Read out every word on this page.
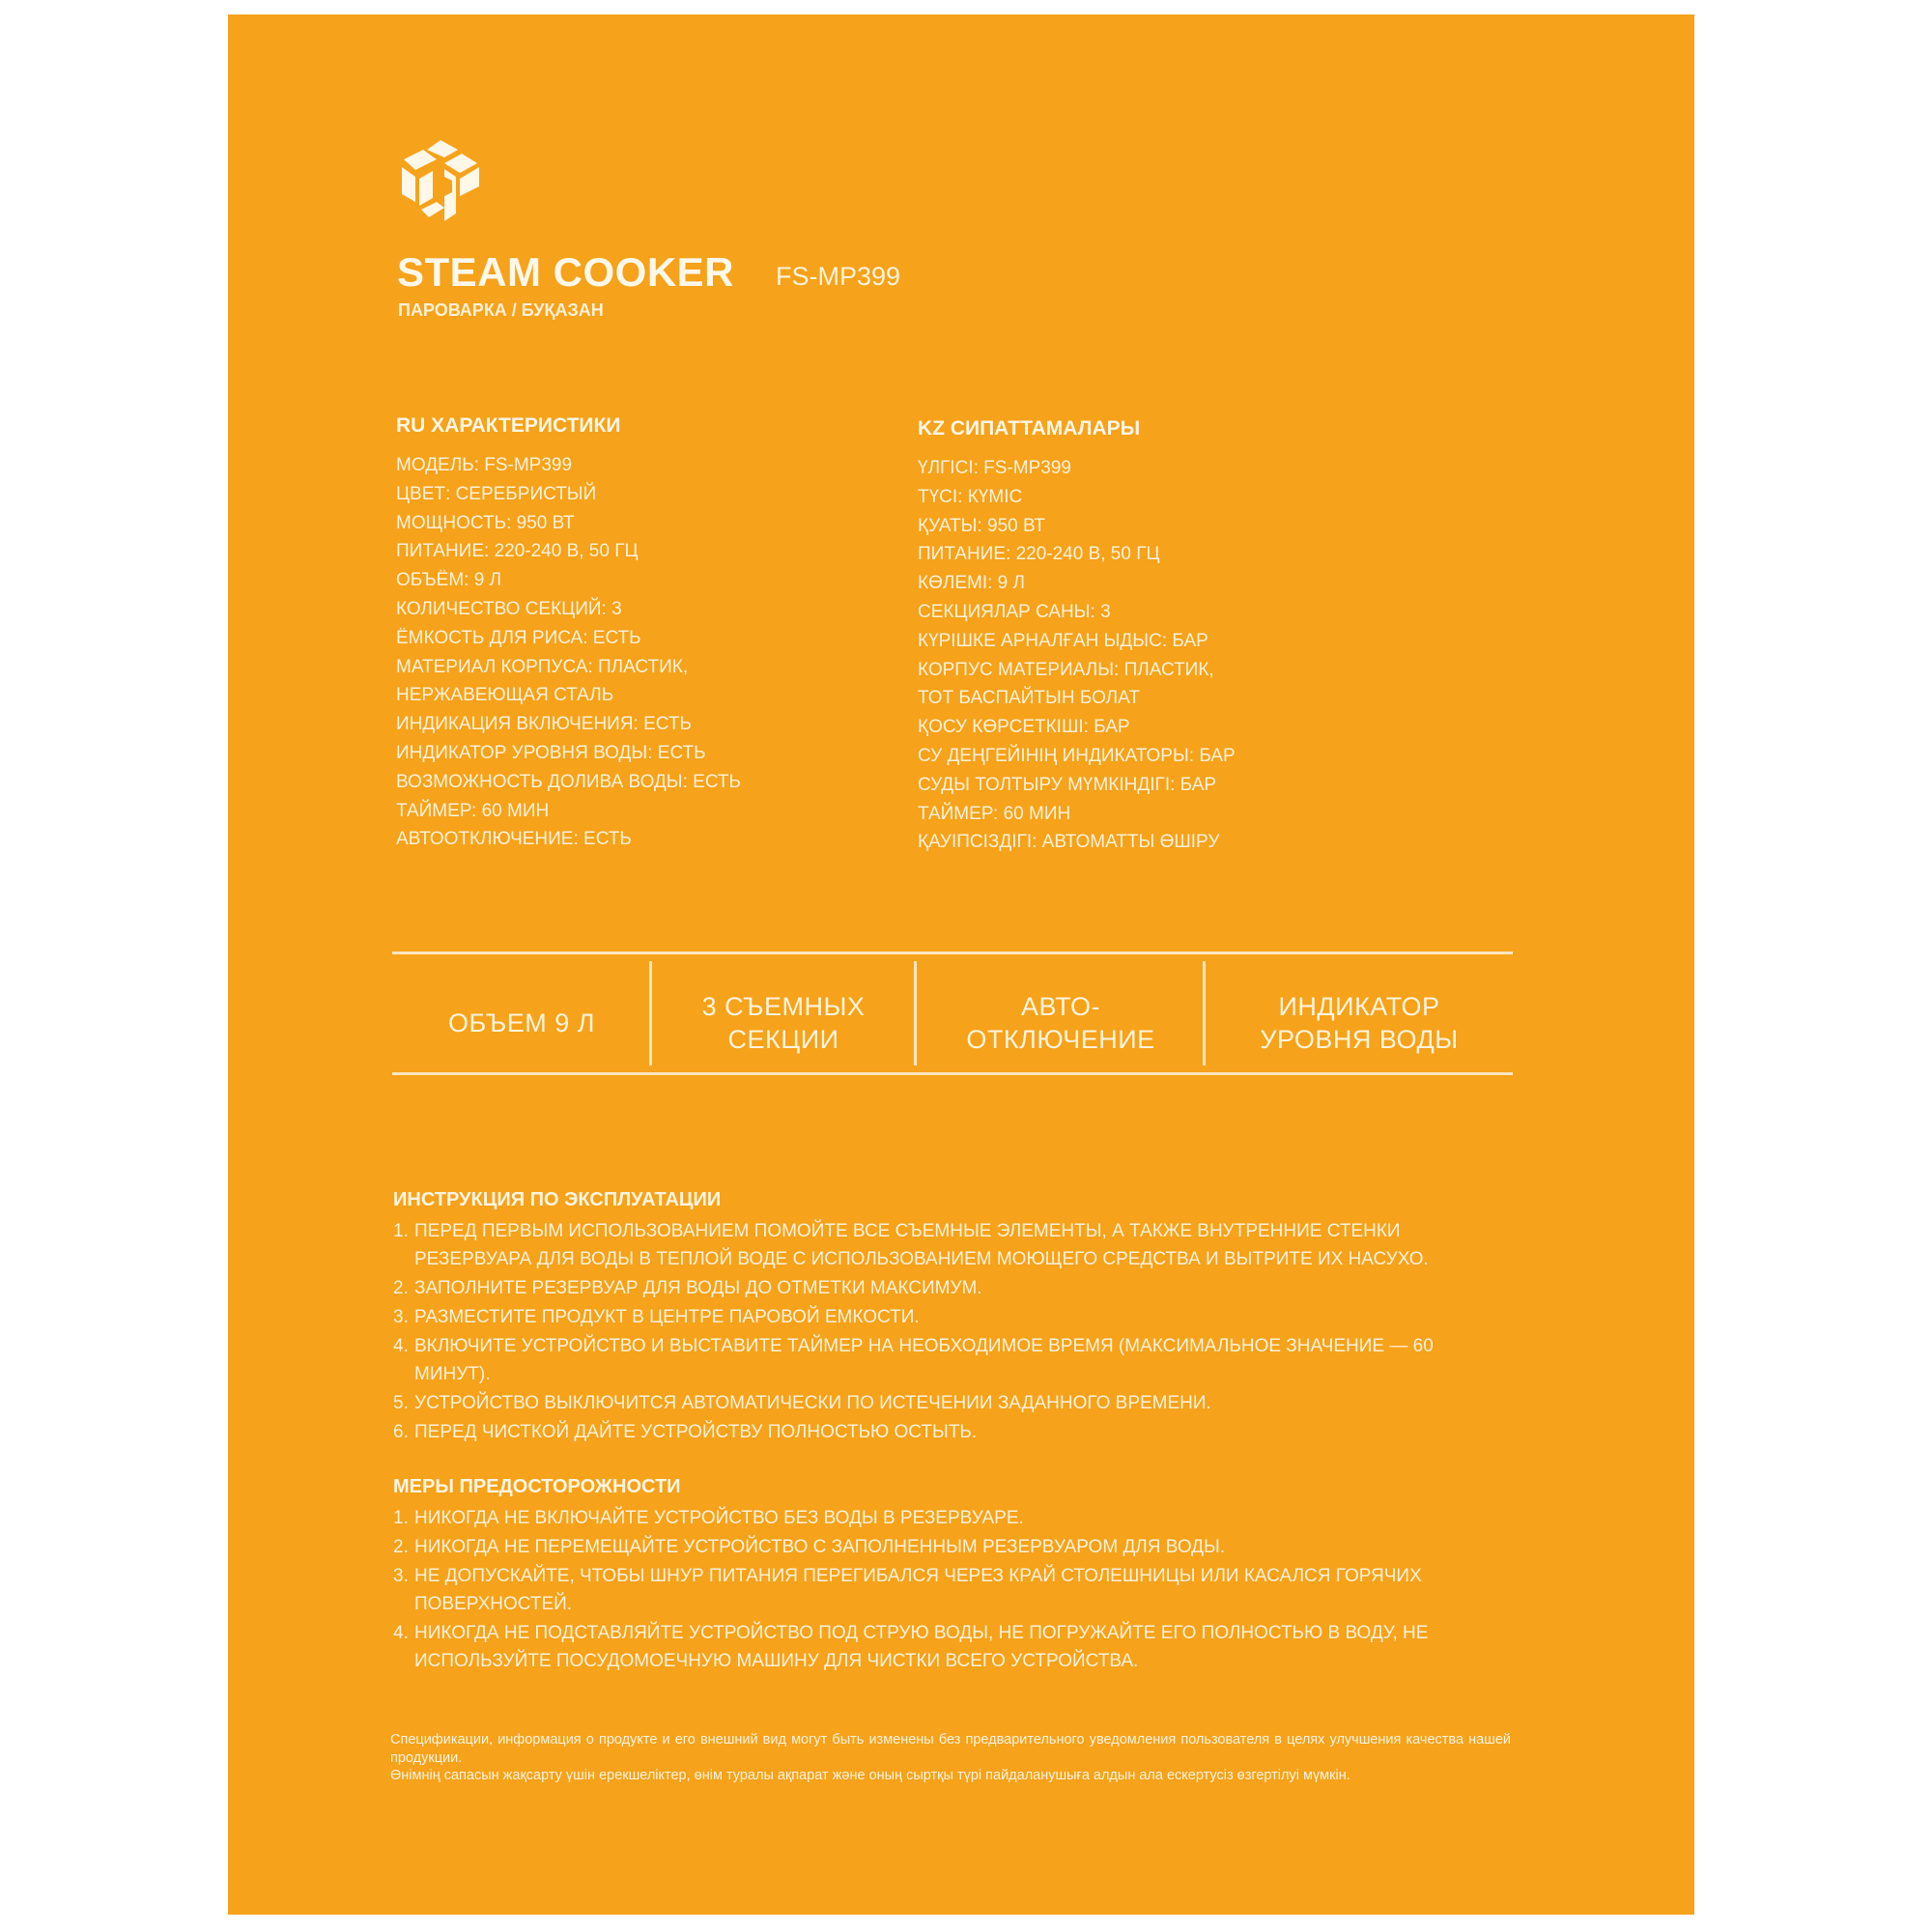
STEAM COOKER FS-MP399
ПАРОВАРКА / БУҚАЗАН
RU ХАРАКТЕРИСТИКИ
МОДЕЛЬ: FS-MP399
ЦВЕТ: СЕРЕБРИСТЫЙ
МОЩНОСТЬ: 950 ВТ
ПИТАНИЕ: 220-240 В, 50 ГЦ
ОБЪЁМ: 9 Л
КОЛИЧЕСТВО СЕКЦИЙ: 3
ЁМКОСТЬ ДЛЯ РИСА: ЕСТЬ
МАТЕРИАЛ КОРПУСА: ПЛАСТИК,
НЕРЖАВЕЮЩАЯ СТАЛЬ
ИНДИКАЦИЯ ВКЛЮЧЕНИЯ: ЕСТЬ
ИНДИКАТОР УРОВНЯ ВОДЫ: ЕСТЬ
ВОЗМОЖНОСТЬ ДОЛИВА ВОДЫ: ЕСТЬ
ТАЙМЕР: 60 МИН
АВТООТКЛЮЧЕНИЕ: ЕСТЬ
KZ СИПАТТАМАЛАРЫ
ҮЛГІСІ: FS-MP399
ТҮСІ: КҮМІС
ҚУАТЫ: 950 ВТ
ПИТАНИЕ: 220-240 В, 50 ГЦ
КӨЛЕМІ: 9 Л
СЕКЦИЯЛАР САНЫ: 3
КҮРІШКЕ АРНАЛҒАН ЫДЫС: БАР
КОРПУС МАТЕРИАЛЫ: ПЛАСТИК,
ТОТ БАСПАЙТЫН БОЛАТ
ҚОСУ КӨРСЕТКІШІ: БАР
СУ ДЕҢГЕЙІНІҢ ИНДИКАТОРЫ: БАР
СУДЫ ТОЛТЫРУ МҮМКІНДІГІ: БАР
ТАЙМЕР: 60 МИН
ҚАУІПСІЗДІГІ: АВТОМАТТЫ ӨШІРУ
ОБЪЕМ 9 Л
3 СЪЕМНЫХ
СЕКЦИИ
АВТО-
ОТКЛЮЧЕНИЕ
ИНДИКАТОР
УРОВНЯ ВОДЫ
ИНСТРУКЦИЯ ПО ЭКСПЛУАТАЦИИ
1. ПЕРЕД ПЕРВЫМ ИСПОЛЬЗОВАНИЕМ ПОМОЙТЕ ВСЕ СЪЕМНЫЕ ЭЛЕМЕНТЫ, А ТАКЖЕ ВНУТРЕННИЕ СТЕНКИ РЕЗЕРВУАРА ДЛЯ ВОДЫ В ТЕПЛОЙ ВОДЕ С ИСПОЛЬЗОВАНИЕМ МОЮЩЕГО СРЕДСТВА И ВЫТРИТЕ ИХ НАСУХО.
2. ЗАПОЛНИТЕ РЕЗЕРВУАР ДЛЯ ВОДЫ ДО ОТМЕТКИ МАКСИМУМ.
3. РАЗМЕСТИТЕ ПРОДУКТ В ЦЕНТРЕ ПАРОВОЙ ЕМКОСТИ.
4. ВКЛЮЧИТЕ УСТРОЙСТВО И ВЫСТАВИТЕ ТАЙМЕР НА НЕОБХОДИМОЕ ВРЕМЯ (МАКСИМАЛЬНОЕ ЗНАЧЕНИЕ — 60 МИНУТ).
5. УСТРОЙСТВО ВЫКЛЮЧИТСЯ АВТОМАТИЧЕСКИ ПО ИСТЕЧЕНИИ ЗАДАННОГО ВРЕМЕНИ.
6. ПЕРЕД ЧИСТКОЙ ДАЙТЕ УСТРОЙСТВУ ПОЛНОСТЬЮ ОСТЫТЬ.
МЕРЫ ПРЕДОСТОРОЖНОСТИ
1. НИКОГДА НЕ ВКЛЮЧАЙТЕ УСТРОЙСТВО БЕЗ ВОДЫ В РЕЗЕРВУАРЕ.
2. НИКОГДА НЕ ПЕРЕМЕЩАЙТЕ УСТРОЙСТВО С ЗАПОЛНЕННЫМ РЕЗЕРВУАРОМ ДЛЯ ВОДЫ.
3. НЕ ДОПУСКАЙТЕ, ЧТОБЫ ШНУР ПИТАНИЯ ПЕРЕГИБАЛСЯ ЧЕРЕЗ КРАЙ СТОЛЕШНИЦЫ ИЛИ КАСАЛСЯ ГОРЯЧИХ ПОВЕРХНОСТЕЙ.
4. НИКОГДА НЕ ПОДСТАВЛЯЙТЕ УСТРОЙСТВО ПОД СТРУЮ ВОДЫ, НЕ ПОГРУЖАЙТЕ ЕГО ПОЛНОСТЬЮ В ВОДУ, НЕ ИСПОЛЬЗУЙТЕ ПОСУДОМОЕЧНУЮ МАШИНУ ДЛЯ ЧИСТКИ ВСЕГО УСТРОЙСТВА.

Спецификации, информация о продукте и его внешний вид могут быть изменены без предварительного уведомления пользователя в целях улучшения качества нашей продукции.

Өнімнің сапасын жақсарту үшін ерекшеліктер, өнім туралы ақпарат және оның сыртқы түрі пайдаланушыға алдын ала ескертусіз өзгертілуі мүмкін.
